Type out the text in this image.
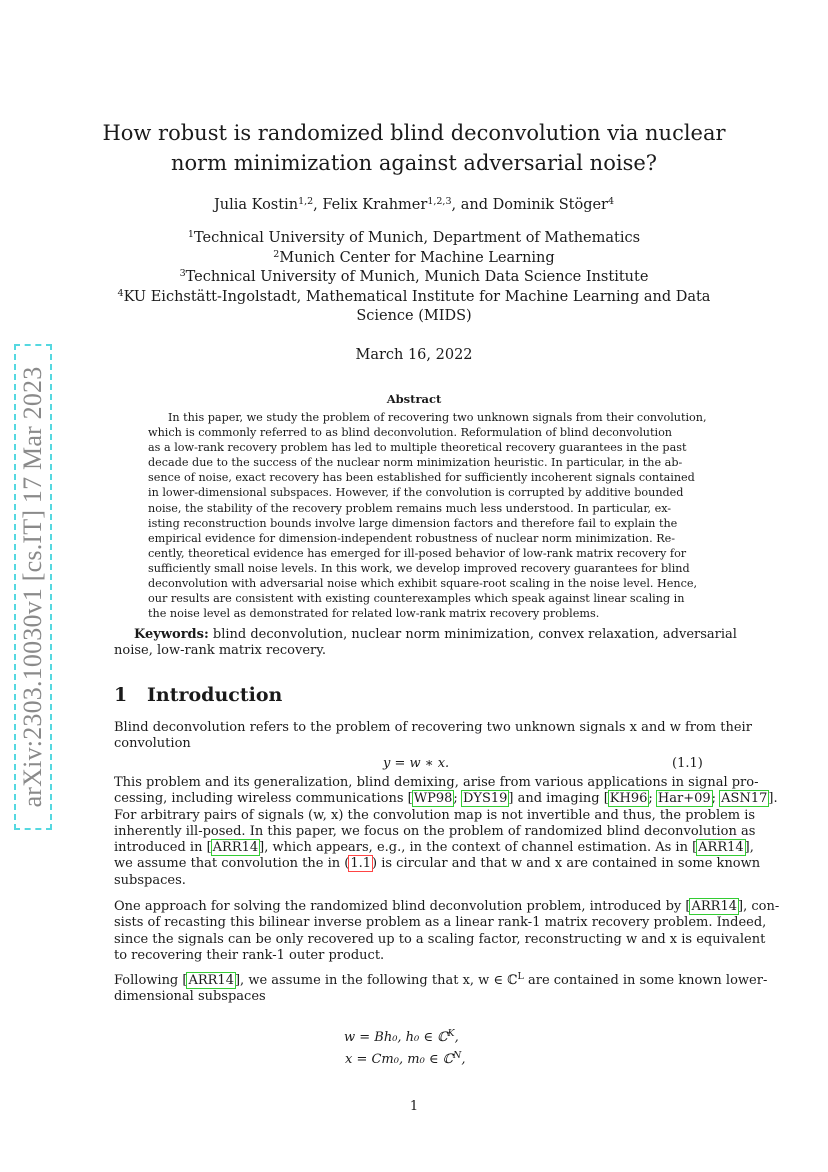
How robust is randomized blind deconvolution via nuclear
norm minimization against adversarial noise?
Julia Kostin$^{1,2}$, Felix Krahmer$^{1,2,3}$, and Dominik Stöger$^4$
$^1$Technical University of Munich, Department of Mathematics
$^2$Munich Center for Machine Learning
$^3$Technical University of Munich, Munich Data Science Institute
$^4$KU Eichstätt-Ingolstadt, Mathematical Institute for Machine Learning and Data
Science (MIDS)
March 16, 2022
Abstract
In this paper, we study the problem of recovering two unknown signals from their convolution,
which is commonly referred to as blind deconvolution. Reformulation of blind deconvolution
as a low-rank recovery problem has led to multiple theoretical recovery guarantees in the past
decade due to the success of the nuclear norm minimization heuristic. In particular, in the ab-
sence of noise, exact recovery has been established for sufficiently incoherent signals contained
in lower-dimensional subspaces. However, if the convolution is corrupted by additive bounded
noise, the stability of the recovery problem remains much less understood. In particular, ex-
isting reconstruction bounds involve large dimension factors and therefore fail to explain the
empirical evidence for dimension-independent robustness of nuclear norm minimization. Re-
cently, theoretical evidence has emerged for ill-posed behavior of low-rank matrix recovery for
sufficiently small noise levels. In this work, we develop improved recovery guarantees for blind
deconvolution with adversarial noise which exhibit square-root scaling in the noise level. Hence,
our results are consistent with existing counterexamples which speak against linear scaling in
the noise level as demonstrated for related low-rank matrix recovery problems.
Keywords: blind deconvolution, nuclear norm minimization, convex relaxation, adversarial
noise, low-rank matrix recovery.
1 Introduction
Blind deconvolution refers to the problem of recovering two unknown signals x and w from their
convolution
y = w ∗ x.	(1.1)
This problem and its generalization, blind demixing, arise from various applications in signal pro-
cessing, including wireless communications [WP98; DYS19] and imaging [KH96; Har+09; ASN17].
For arbitrary pairs of signals (w, x) the convolution map is not invertible and thus, the problem is
inherently ill-posed. In this paper, we focus on the problem of randomized blind deconvolution as
introduced in [ARR14], which appears, e.g., in the context of channel estimation. As in [ARR14],
we assume that convolution the in (1.1) is circular and that w and x are contained in some known
subspaces.
One approach for solving the randomized blind deconvolution problem, introduced by [ARR14], con-
sists of recasting this bilinear inverse problem as a linear rank-1 matrix recovery problem. Indeed,
since the signals can be only recovered up to a scaling factor, reconstructing w and x is equivalent
to recovering their rank-1 outer product.
Following [ARR14], we assume in the following that x, w ∈ ℂ$^L$ are contained in some known lower-
dimensional subspaces
w = Bh₀, h₀ ∈ ℂ$^K$,
x = Cm₀, m₀ ∈ ℂ$^N$,
1
arXiv:2303.10030v1 [cs.IT] 17 Mar 2023
